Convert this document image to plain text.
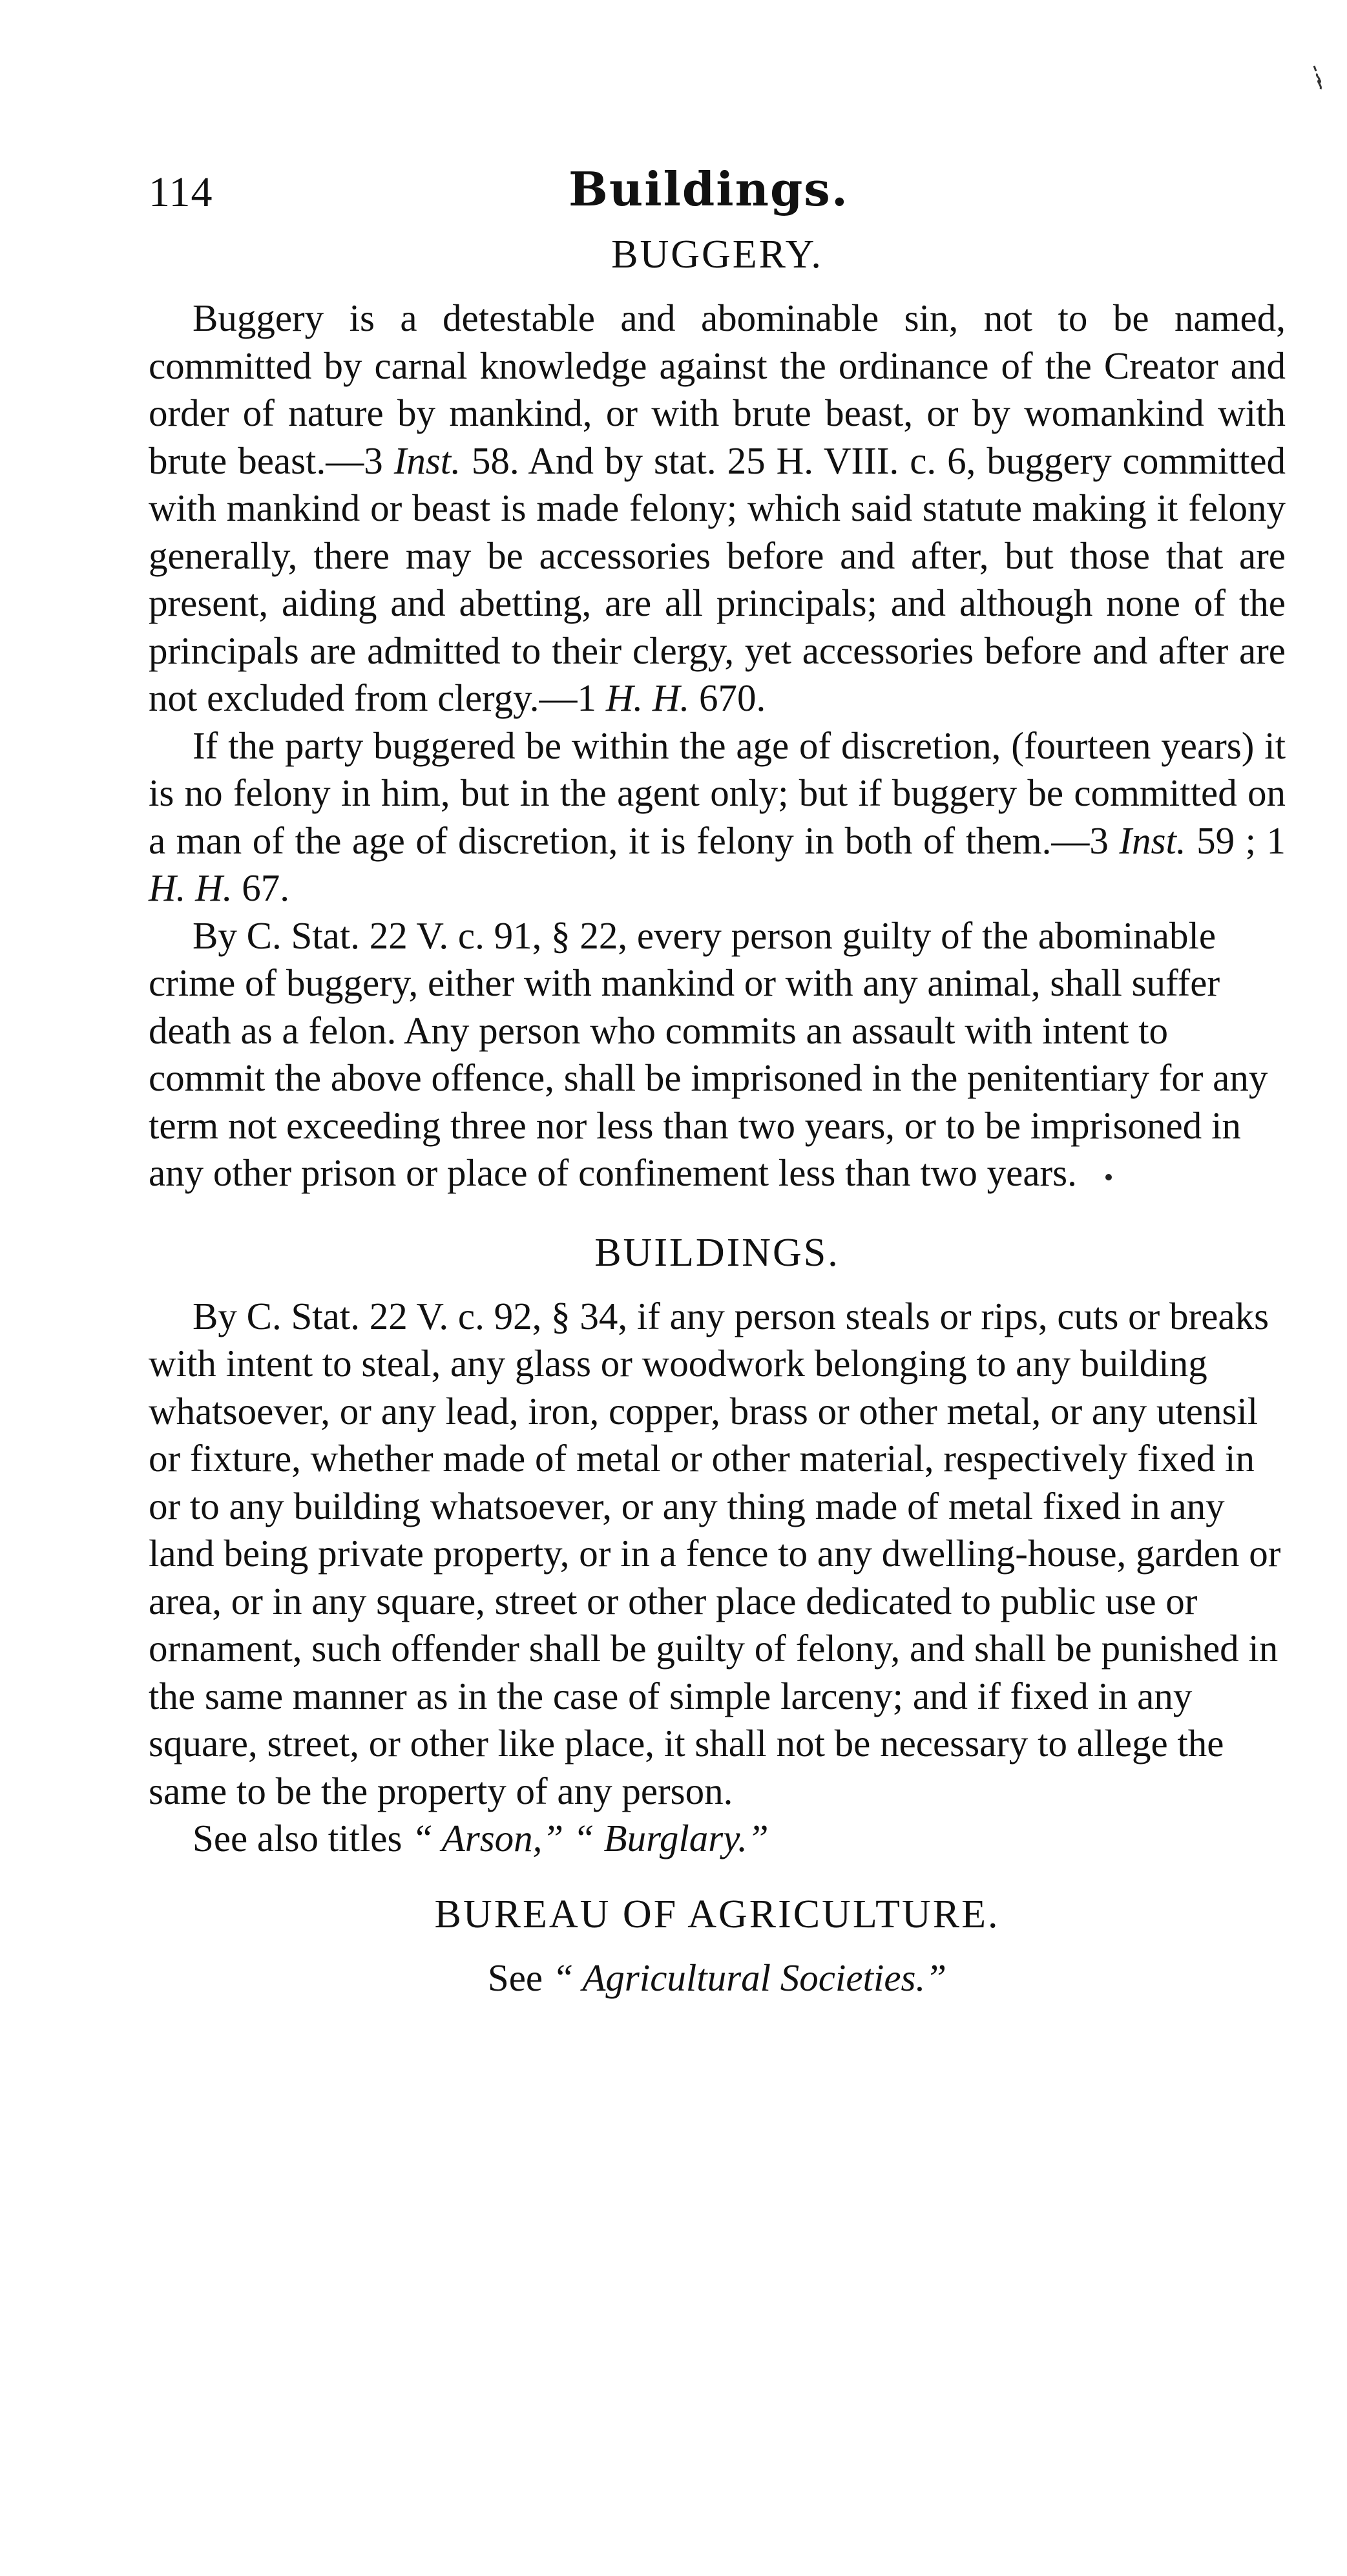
114	Buildings.
BUGGERY.

Buggery is a detestable and abominable sin, not to be named, committed by carnal knowledge against the ordinance of the Creator and order of nature by mankind, or with brute beast, or by womankind with brute beast.—3 Inst. 58. And by stat. 25 H. VIII. c. 6, buggery committed with mankind or beast is made felony; which said statute making it felony generally, there may be accessories before and after, but those that are present, aiding and abetting, are all principals; and although none of the principals are admitted to their clergy, yet accessories before and after are not excluded from clergy.—1 H. H. 670.

If the party buggered be within the age of discretion, (fourteen years) it is no felony in him, but in the agent only; but if buggery be committed on a man of the age of discretion, it is felony in both of them.—3 Inst. 59 ; 1 H. H. 67.

By C. Stat. 22 V. c. 91, § 22, every person guilty of the abominable crime of buggery, either with mankind or with any animal, shall suffer death as a felon. Any person who commits an assault with intent to commit the above offence, shall be imprisoned in the penitentiary for any term not exceeding three nor less than two years, or to be imprisoned in any other prison or place of confinement less than two years.

BUILDINGS.

By C. Stat. 22 V. c. 92, § 34, if any person steals or rips, cuts or breaks with intent to steal, any glass or woodwork belonging to any building whatsoever, or any lead, iron, copper, brass or other metal, or any utensil or fixture, whether made of metal or other material, respectively fixed in or to any building whatsoever, or any thing made of metal fixed in any land being private property, or in a fence to any dwelling-house, garden or area, or in any square, street or other place dedicated to public use or ornament, such offender shall be guilty of felony, and shall be punished in the same manner as in the case of simple larceny; and if fixed in any square, street, or other like place, it shall not be necessary to allege the same to be the property of any person.

See also titles “ Arson,” “ Burglary.”

BUREAU OF AGRICULTURE.

See “ Agricultural Societies.”
